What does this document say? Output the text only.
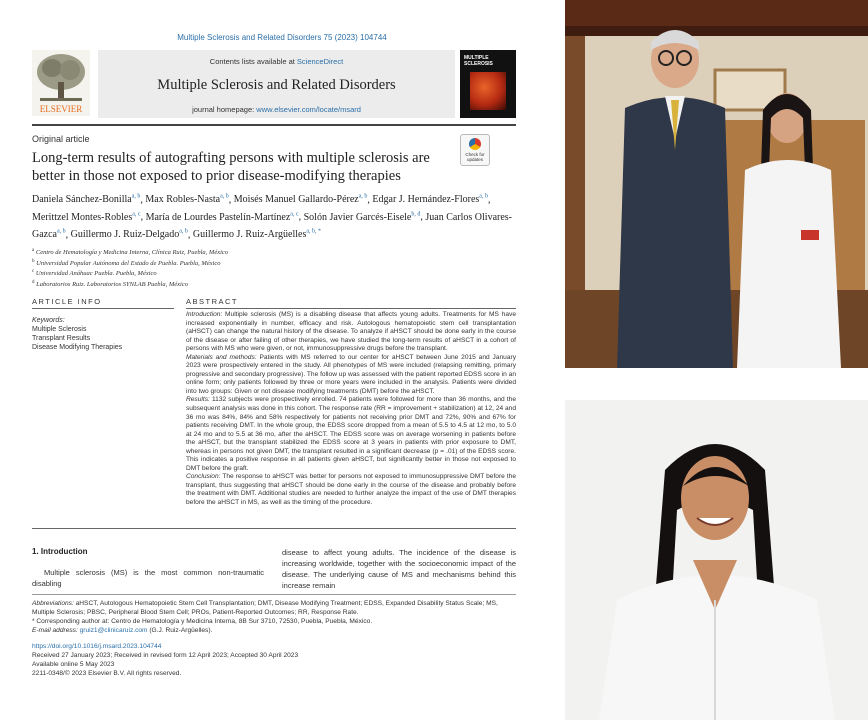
Multiple Sclerosis and Related Disorders 75 (2023) 104744
ELSEVIER
Contents lists available at ScienceDirect
Multiple Sclerosis and Related Disorders
journal homepage: www.elsevier.com/locate/msard
MULTIPLE SCLEROSIS
Original article
Check for updates
Long-term results of autografting persons with multiple sclerosis are better in those not exposed to prior disease-modifying therapies
Daniela Sánchez-Bonilla$^{a, b}$, Max Robles-Nasta$^{a, b}$, Moisés Manuel Gallardo-Pérez$^{a, b}$, Edgar J. Hernández-Flores$^{a, b}$, Merittzel Montes-Robles$^{a, c}$, María de Lourdes Pastelín-Martínez$^{a, c}$, Solón Javier Garcés-Eisele$^{b, d}$, Juan Carlos Olivares-Gazca$^{a, b}$, Guillermo J. Ruiz-Delgado$^{a, b}$, Guillermo J. Ruiz-Argüelles$^{a, b, *}$
$^a$ Centro de Hematología y Medicina Interna, Clínica Ruiz, Puebla, México
$^b$ Universidad Popular Autónoma del Estado de Puebla. Puebla, México
$^c$ Universidad Anáhuac Puebla. Puebla, México
$^d$ Laboratorios Ruiz. Laboratorios SYNLAB Puebla, México
ARTICLE INFO	ABSTRACT
Keywords:
Multiple Sclerosis
Transplant Results
Disease Modifying Therapies

Introduction: Multiple sclerosis (MS) is a disabling disease that affects young adults. Treatments for MS have increased exponentially in number, efficacy and risk. Autologous hematopoietic stem cell transplantation (aHSCT) can change the natural history of the disease. To analyze if aHSCT should be done early in the course of the disease or after failing of other therapies, we have studied the long-term results of aHSCT in a cohort of persons with MS who were given, or not, immunosuppressive drugs before the transplant.

Materials and methods: Patients with MS referred to our center for aHSCT between June 2015 and January 2023 were prospectively entered in the study. All phenotypes of MS were included (relapsing remitting, primary progressive and secondary progressive). The follow up was assessed with the patient reported EDSS score in an online form; only patients followed by three or more years were included in the analysis. Patients were divided into two groups: Given or not disease modifying treatments (DMT) before the aHSCT.

Results: 1132 subjects were prospectively enrolled. 74 patients were followed for more than 36 months, and the subsequent analysis was done in this cohort. The response rate (RR = improvement + stabilization) at 12, 24 and 36 mo was 84%, 84% and 58% respectively for patients not receiving prior DMT and 72%, 90% and 67% for patients receiving DMT. In the whole group, the EDSS score dropped from a mean of 5.5 to 4.5 at 12 mo, to 5.0 at 24 mo and to 5.5 at 36 mo, after the aHSCT. The EDSS score was on average worsening in patients before the aHSCT, but the transplant stabilized the EDSS score at 3 years in patients with prior exposure to DMT, whereas in persons not given DMT, the transplant resulted in a significant decrease (p = .01) of the EDSS score. This indicates a positive response in all patients given aHSCT, but significantly better in those not exposed to DMT before the graft.

Conclusion: The response to aHSCT was better for persons not exposed to immunosuppressive DMT before the transplant, thus suggesting that aHSCT should be done early in the course of the disease and probably before the treatment with DMT. Additional studies are needed to further analyze the impact of the use of DMT therapies before the aHSCT in MS, as well as the timing of the procedure.

1. Introduction
Multiple sclerosis (MS) is the most common non-traumatic disabling
disease to affect young adults. The incidence of the disease is increasing worldwide, together with the socioeconomic impact of the disease. The underlying cause of MS and mechanisms behind this increase remain

Abbreviations: aHSCT, Autologous Hematopoietic Stem Cell Transplantation; DMT, Disease Modifying Treatment; EDSS, Expanded Disability Status Scale; MS, Multiple Sclerosis; PBSC, Peripheral Blood Stem Cell; PROs, Patient-Reported Outcomes; RR, Response Rate.

* Corresponding author at: Centro de Hematología y Medicina Interna, 8B Sur 3710, 72530, Puebla, Puebla, México.

E-mail address: gruiz1@clinicaruiz.com (G.J. Ruiz-Argüelles).

https://doi.org/10.1016/j.msard.2023.104744

Received 27 January 2023; Received in revised form 12 April 2023; Accepted 30 April 2023

Available online 5 May 2023

2211-0348/© 2023 Elsevier B.V. All rights reserved.
